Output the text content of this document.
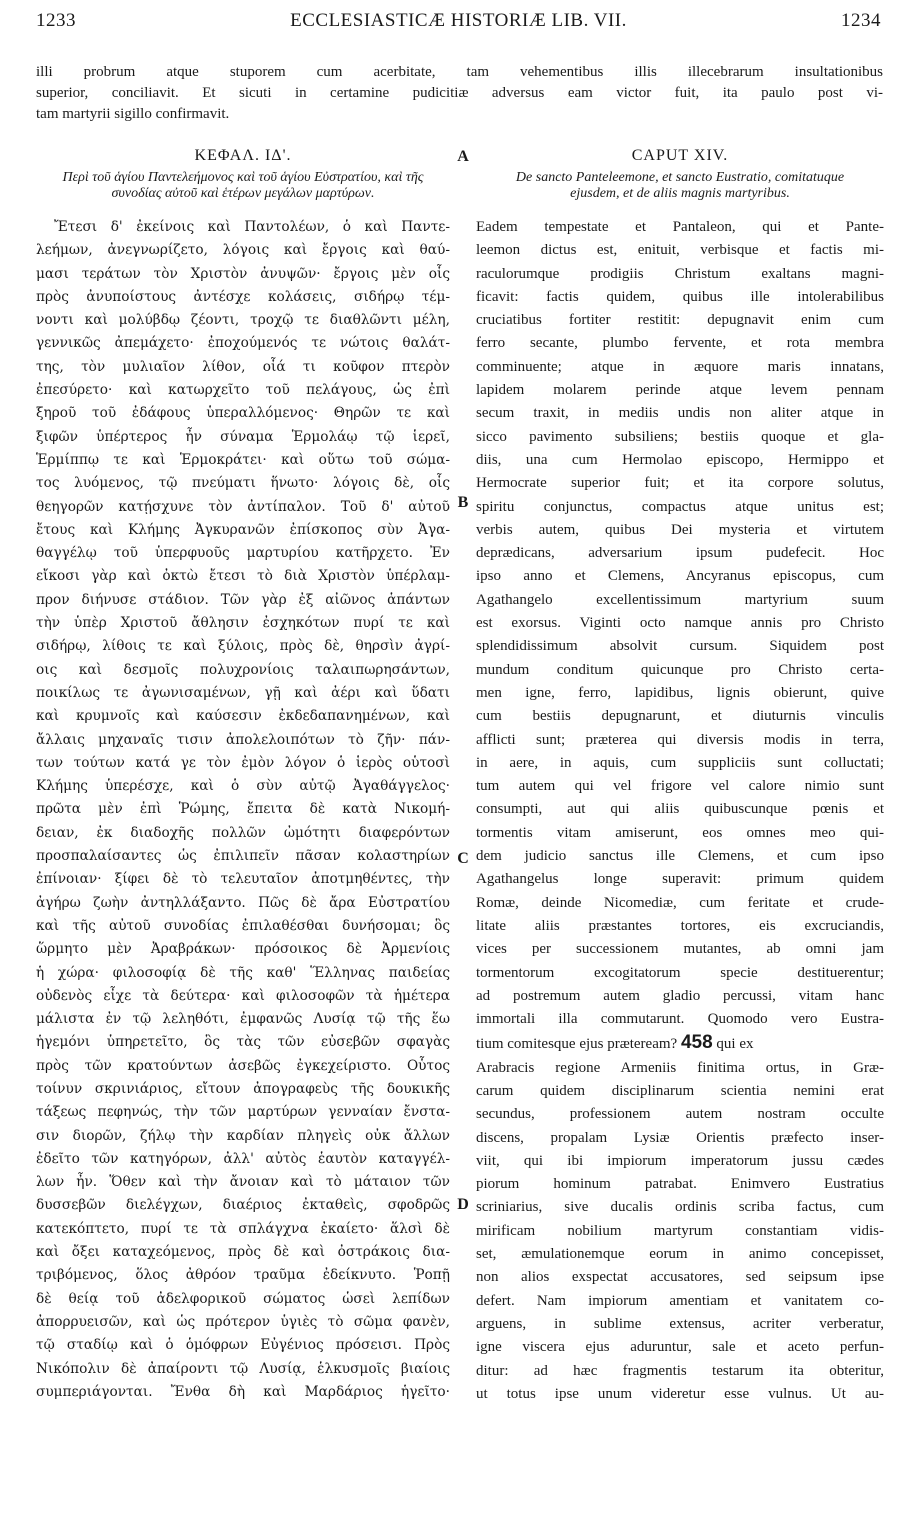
1233	ECCLESIASTICÆ HISTORIÆ LIB. VII.	1234
illi probrum atque stuporem cum acerbitate, tam vehementibus illis illecebrarum insultationibus
superior, conciliavit. Et sicuti in certamine pudicitiæ adversus eam victor fuit, ita paulo post vi-
tam martyrii sigillo confirmavit.
A
B
C
D
ΚΕΦΑΛ. ΙΔ'.
Περὶ τοῦ ἁγίου Παντελεήμονος καὶ τοῦ ἁγίου Εὐστρατίου, καὶ τῆς συνοδίας αὐτοῦ καὶ ἑτέρων μεγάλων μαρτύρων.
Ἔτεσι δ' ἐκείνοις καὶ Παντολέων, ὁ καὶ Παντε-
λεήμων, ἀνεγνωρίζετο, λόγοις καὶ ἔργοις καὶ θαύ-
μασι τεράτων τὸν Χριστὸν ἀνυψῶν· ἔργοις μὲν οἷς
πρὸς ἀνυποίστους ἀντέσχε κολάσεις, σιδήρῳ τέμ-
νοντι καὶ μολύβδῳ ζέοντι, τροχῷ τε διαθλῶντι μέλη,
γεννικῶς ἀπεμάχετο· ἐποχούμενός τε νώτοις θαλάτ-
της, τὸν μυλιαῖον λίθον, οἷά τι κοῦφον πτερὸν
ἐπεσύρετο· καὶ κατωρχεῖτο τοῦ πελάγους, ὡς ἐπὶ
ξηροῦ τοῦ ἐδάφους ὑπεραλλόμενος· Θηρῶν τε καὶ
ξιφῶν ὑπέρτερος ἦν σύναμα Ἑρμολάῳ τῷ ἱερεῖ,
Ἑρμίππῳ τε καὶ Ἑρμοκράτει· καὶ οὕτω τοῦ σώμα-
τος λυόμενος, τῷ πνεύματι ἥνωτο· λόγοις δὲ, οἷς
θεηγορῶν κατῄσχυνε τὸν ἀντίπαλον. Τοῦ δ' αὐτοῦ
ἔτους καὶ Κλήμης Ἀγκυρανῶν ἐπίσκοπος σὺν Ἀγα-
θαγγέλῳ τοῦ ὑπερφυοῦς μαρτυρίου κατῆρχετο. Ἐν
εἴκοσι γὰρ καὶ ὀκτὼ ἔτεσι τὸ διὰ Χριστὸν ὑπέρλαμ-
προν διήνυσε στάδιον. Τῶν γὰρ ἐξ αἰῶνος ἁπάντων
τὴν ὑπὲρ Χριστοῦ ἄθλησιν ἐσχηκότων πυρί τε καὶ
σιδήρῳ, λίθοις τε καὶ ξύλοις, πρὸς δὲ, θηρσὶν ἀγρί-
οις καὶ δεσμοῖς πολυχρονίοις ταλαιπωρησάντων,
ποικίλως τε ἀγωνισαμένων, γῇ καὶ ἀέρι καὶ ὕδατι
καὶ κρυμνοῖς καὶ καύσεσιν ἐκδεδαπανημένων, καὶ
ἄλλαις μηχαναῖς τισιν ἀπολελοιπότων τὸ ζῆν· πάν-
των τούτων κατά γε τὸν ἐμὸν λόγον ὁ ἱερὸς οὑτοσὶ
Κλήμης ὑπερέσχε, καὶ ὁ σὺν αὐτῷ Ἀγαθάγγελος·
πρῶτα μὲν ἐπὶ Ῥώμης, ἔπειτα δὲ κατὰ Νικομή-
δειαν, ἐκ διαδοχῆς πολλῶν ὠμότητι διαφερόντων
προσπαλαίσαντες ὡς ἐπιλιπεῖν πᾶσαν κολαστηρίων
ἐπίνοιαν· ξίφει δὲ τὸ τελευταῖον ἀποτμηθέντες, τὴν
ἀγήρω ζωὴν ἀντηλλάξαντο. Πῶς δὲ ἄρα Εὐστρατίου
καὶ τῆς αὐτοῦ συνοδίας ἐπιλαθέσθαι δυνήσομαι; ὃς
ὥρμητο μὲν Ἀραβράκων· πρόσοικος δὲ Ἀρμενίοις
ἡ χώρα· φιλοσοφίᾳ δὲ τῆς καθ' Ἕλληνας παιδείας
οὐδενὸς εἶχε τὰ δεύτερα· καὶ φιλοσοφῶν τὰ ἡμέτερα
μάλιστα ἐν τῷ λεληθότι, ἐμφανῶς Λυσίᾳ τῷ τῆς ἕω
ἡγεμόνι ὑπηρετεῖτο, ὃς τὰς τῶν εὐσεβῶν σφαγὰς
πρὸς τῶν κρατούντων ἀσεβῶς ἐγκεχείριστο. Οὗτος
τοίνυν σκρινιάριος, εἴτουν ἀπογραφεὺς τῆς δουκικῆς
τάξεως πεφηνώς, τὴν τῶν μαρτύρων γενναίαν ἔνστα-
σιν διορῶν, ζήλῳ τὴν καρδίαν πληγεὶς οὐκ ἄλλων
ἐδεῖτο τῶν κατηγόρων, ἀλλ' αὐτὸς ἑαυτὸν καταγγέλ-
λων ἦν. Ὅθεν καὶ τὴν ἄνοιαν καὶ τὸ μάταιον τῶν
δυσσεβῶν διελέγχων, διαέριος ἐκταθεὶς, σφοδρῶς
κατεκόπτετο, πυρί τε τὰ σπλάγχνα ἐκαίετο· ἅλσὶ δὲ
καὶ ὄξει καταχεόμενος, πρὸς δὲ καὶ ὀστράκοις δια-
τριβόμενος, ὅλος ἀθρόον τραῦμα ἐδείκνυτο. Ῥοπῇ
δὲ θείᾳ τοῦ ἀδελφορικοῦ σώματος ὡσεὶ λεπίδων
ἀπορρυεισῶν, καὶ ὡς πρότερον ὑγιὲς τὸ σῶμα φανὲν,
τῷ σταδίῳ καὶ ὁ ὁμόφρων Εὐγένιος πρόσεισι. Πρὸς
Νικόπολιν δὲ ἀπαίροντι τῷ Λυσίᾳ, ἑλκυσμοῖς βιαίοις
συμπεριάγονται. Ἔνθα δὴ καὶ Μαρδάριος ἡγεῖτο·
CAPUT XIV.
De sancto Panteleemone, et sancto Eustratio, comitatuque ejusdem, et de aliis magnis martyribus.
Eadem tempestate et Pantaleon, qui et Pante-
leemon dictus est, enituit, verbisque et factis mi-
raculorumque prodigiis Christum exaltans magni-
ficavit: factis quidem, quibus ille intolerabilibus
cruciatibus fortiter restitit: depugnavit enim cum
ferro secante, plumbo fervente, et rota membra
comminuente; atque in æquore maris innatans,
lapidem molarem perinde atque levem pennam
secum traxit, in mediis undis non aliter atque in
sicco pavimento subsiliens; bestiis quoque et gla-
diis, una cum Hermolao episcopo, Hermippo et
Hermocrate superior fuit; et ita corpore solutus,
spiritu conjunctus, compactus atque unitus est;
verbis autem, quibus Dei mysteria et virtutem
deprædicans, adversarium ipsum pudefecit. Hoc
ipso anno et Clemens, Ancyranus episcopus, cum
Agathangelo excellentissimum martyrium suum
est exorsus. Viginti octo namque annis pro Christo
splendidissimum absolvit cursum. Siquidem post
mundum conditum quicunque pro Christo certa-
men igne, ferro, lapidibus, lignis obierunt, quive
cum bestiis depugnarunt, et diuturnis vinculis
afflicti sunt; præterea qui diversis modis in terra,
in aere, in aquis, cum suppliciis sunt colluctati;
tum autem qui vel frigore vel calore nimio sunt
consumpti, aut qui aliis quibuscunque pœnis et
tormentis vitam amiserunt, eos omnes meo qui-
dem judicio sanctus ille Clemens, et cum ipso
Agathangelus longe superavit: primum quidem
Romæ, deinde Nicomediæ, cum feritate et crude-
litate aliis præstantes tortores, eis excruciandis,
vices per successionem mutantes, ab omni jam
tormentorum excogitatorum specie destituerentur;
ad postremum autem gladio percussi, vitam hanc
immortali illa commutarunt. Quomodo vero Eustra-
tium comitesque ejus præteream? 458 qui ex
Arabracis regione Armeniis finitima ortus, in Græ-
carum quidem disciplinarum scientia nemini erat
secundus, professionem autem nostram occulte
discens, propalam Lysiæ Orientis præfecto inser-
viit, qui ibi impiorum imperatorum jussu cædes
piorum hominum patrabat. Enimvero Eustratius
scriniarius, sive ducalis ordinis scriba factus, cum
mirificam nobilium martyrum constantiam vidis-
set, æmulationemque eorum in animo concepisset,
non alios exspectat accusatores, sed seipsum ipse
defert. Nam impiorum amentiam et vanitatem co-
arguens, in sublime extensus, acriter verberatur,
igne viscera ejus aduruntur, sale et aceto perfun-
ditur: ad hæc fragmentis testarum ita obteritur,
ut totus ipse unum videretur esse vulnus. Ut au-
